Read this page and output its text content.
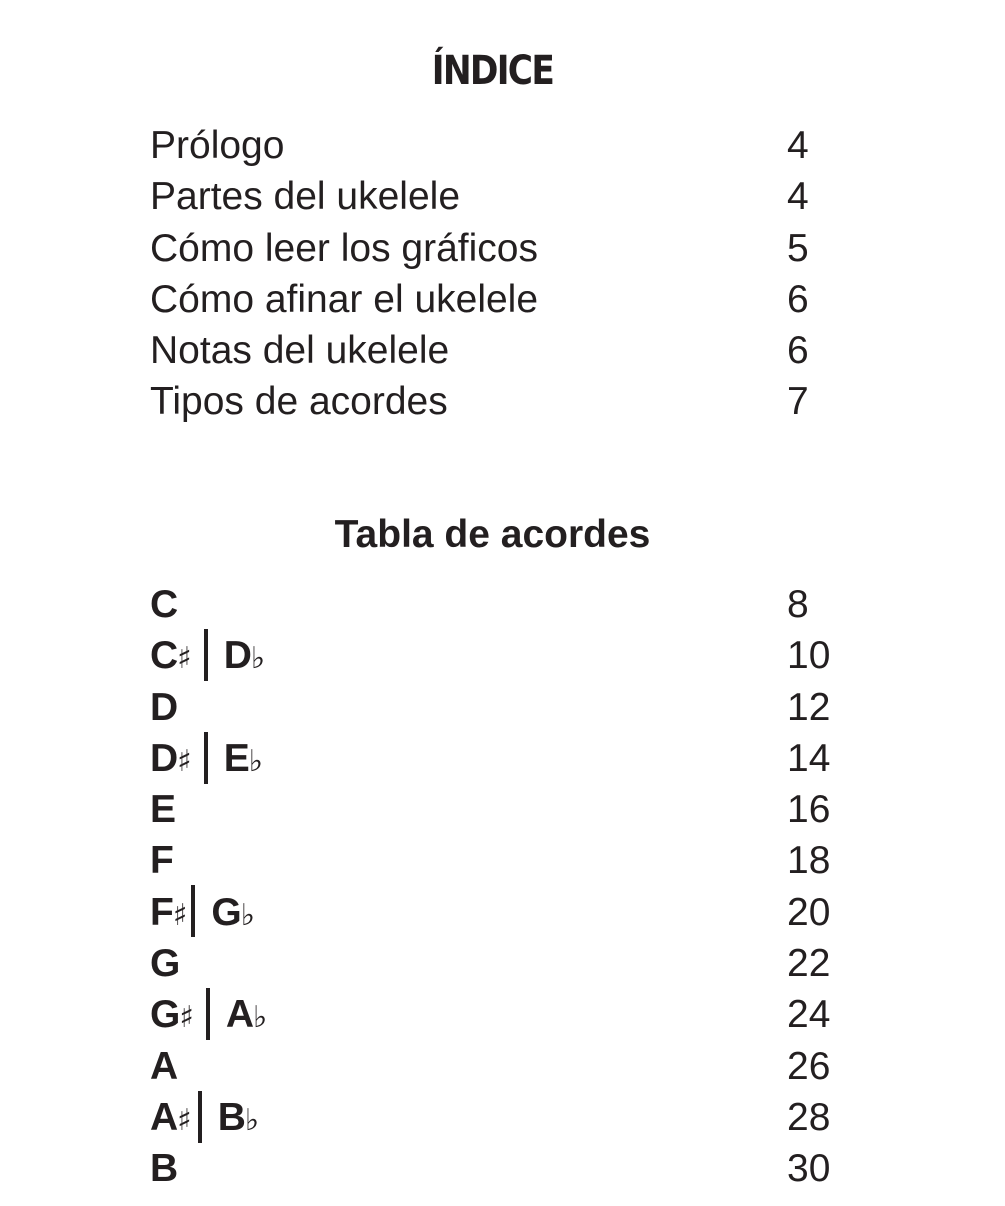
ÍNDICE
Prólogo	4
Partes del ukelele	4
Cómo leer los gráficos	5
Cómo afinar el ukelele	6
Notas del ukelele	6
Tipos de acordes	7
Tabla de acordes
C	8
C♯ D♭	10
D	12
D♯ E♭	14
E	16
F	18
F♯ G♭	20
G	22
G♯ A♭	24
A	26
A♯ B♭	28
B	30
